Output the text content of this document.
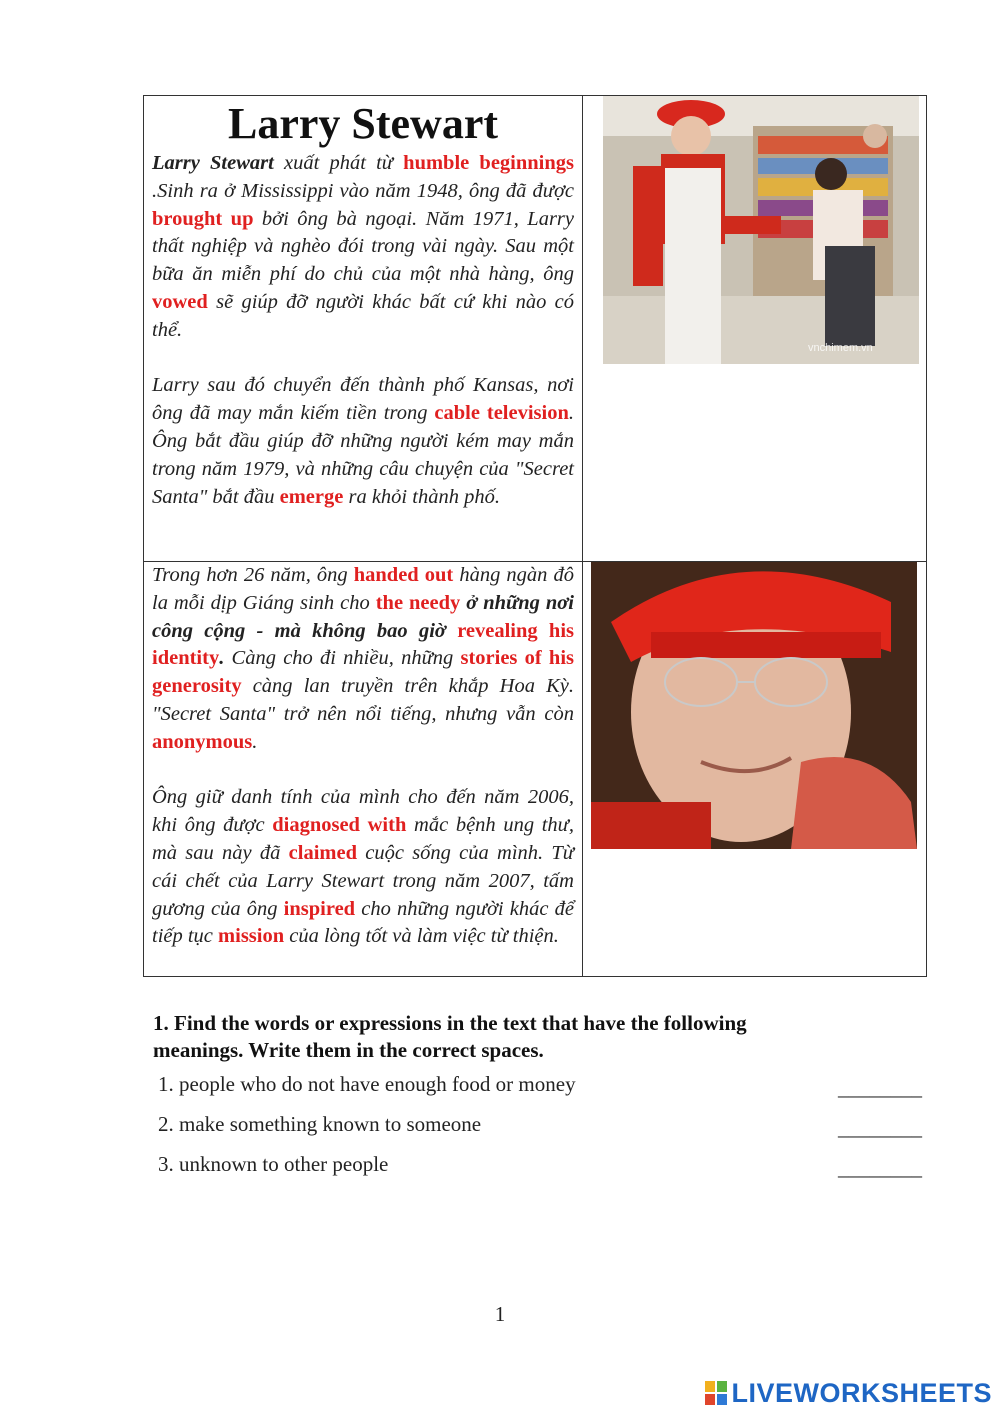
Larry Stewart

Larry Stewart xuất phát từ humble beginnings .Sinh ra ở Mississippi vào năm 1948, ông đã được brought up bởi ông bà ngoại. Năm 1971, Larry thất nghiệp và nghèo đói trong vài ngày. Sau một bữa ăn miễn phí do chủ của một nhà hàng, ông vowed sẽ giúp đỡ người khác bất cứ khi nào có thể.

Larry sau đó chuyển đến thành phố Kansas, nơi ông đã may mắn kiếm tiền trong cable television. Ông bắt đầu giúp đỡ những người kém may mắn trong năm 1979, và những câu chuyện của "Secret Santa" bắt đầu emerge ra khỏi thành phố.

vnchimem.vn

Trong hơn 26 năm, ông handed out hàng ngàn đô la mỗi dịp Giáng sinh cho the needy ở những nơi công cộng - mà không bao giờ revealing his identity. Càng cho đi nhiều, những stories of his generosity càng lan truyền trên khắp Hoa Kỳ. "Secret Santa" trở nên nổi tiếng, nhưng vẫn còn anonymous.

Ông giữ danh tính của mình cho đến năm 2006, khi ông được diagnosed with mắc bệnh ung thư, mà sau này đã claimed cuộc sống của mình. Từ cái chết của Larry Stewart trong năm 2007, tấm gương của ông inspired cho những người khác để tiếp tục mission của lòng tốt và làm việc từ thiện.

1. Find the words or expressions in the text that have the following
meanings. Write them in the correct spaces.

1. people who do not have enough food or money	________
2. make something known to someone	________
3. unknown to other people	________
1
LIVEWORKSHEETS
